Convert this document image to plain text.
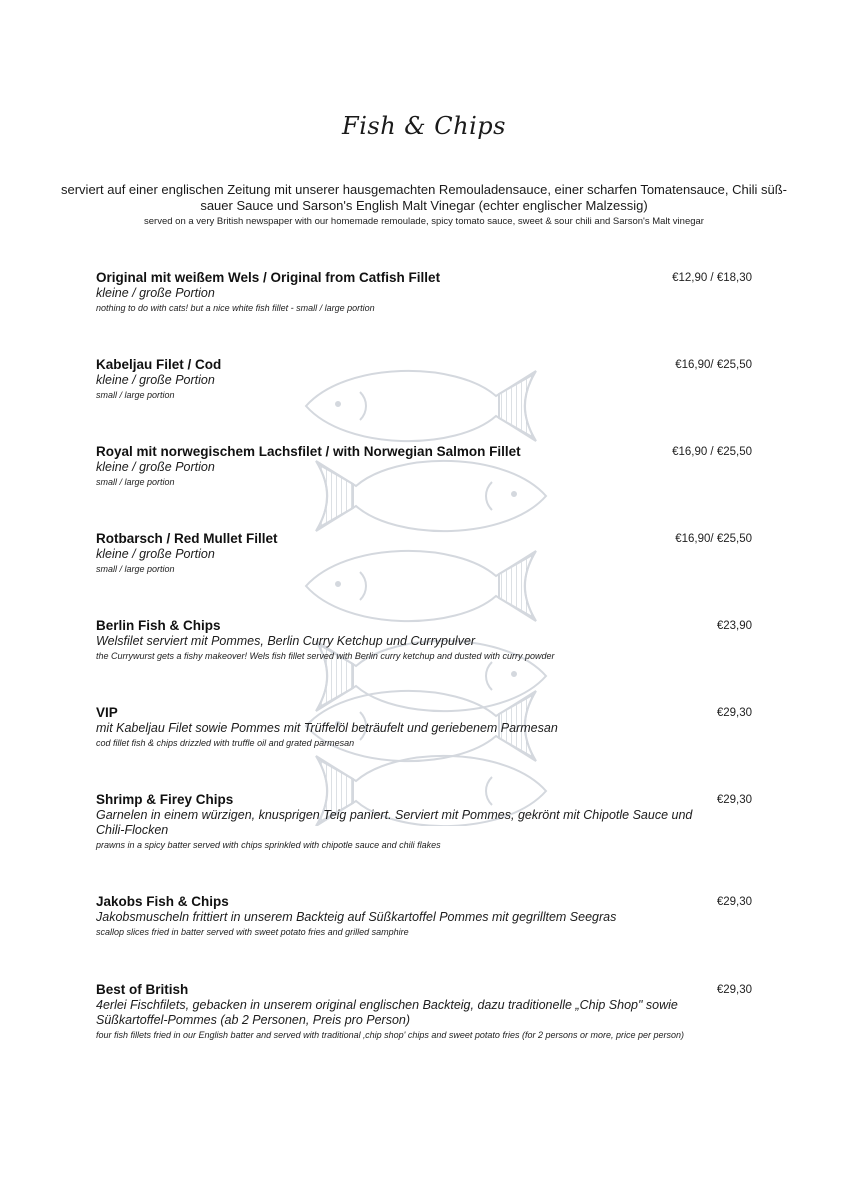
Fish & Chips
serviert auf einer englischen Zeitung mit unserer hausgemachten Remouladensauce, einer scharfen Tomatensauce, Chili süß-sauer Sauce und Sarson's English Malt Vinegar (echter englischer Malzessig)
served on a very British newspaper with our homemade remoulade, spicy tomato sauce, sweet & sour chili and Sarson's Malt vinegar
Original mit weißem Wels / Original from Catfish Fillet
kleine / große Portion
nothing to do with cats! but a nice white fish fillet - small / large portion
€12,90 / €18,30
Kabeljau Filet / Cod
kleine / große Portion
small / large portion
€16,90/ €25,50
Royal mit norwegischem Lachsfilet / with Norwegian Salmon Fillet
kleine / große Portion
small / large portion
€16,90 / €25,50
Rotbarsch / Red Mullet Fillet
kleine / große Portion
small / large portion
€16,90/ €25,50
Berlin Fish & Chips
Welsfilet serviert mit Pommes, Berlin Curry Ketchup und Currypulver
the Currywurst gets a fishy makeover! Wels fish fillet served with Berlin curry ketchup and dusted with curry powder
€23,90
VIP
mit Kabeljau Filet sowie Pommes mit Trüffelöl beträufelt und geriebenem Parmesan
cod fillet fish & chips drizzled with truffle oil and grated parmesan
€29,30
Shrimp & Firey Chips
Garnelen in einem würzigen, knusprigen Teig paniert. Serviert mit Pommes, gekrönt mit Chipotle Sauce und Chili-Flocken
prawns in a spicy batter served with chips sprinkled with chipotle sauce and chili flakes
€29,30
Jakobs Fish & Chips
Jakobsmuscheln frittiert in unserem Backteig auf Süßkartoffel Pommes mit gegrilltem Seegras
scallop slices fried in batter served with sweet potato fries and grilled samphire
€29,30
Best of British
4erlei Fischfilets, gebacken in unserem original englischen Backteig, dazu traditionelle „Chip Shop" sowie Süßkartoffel-Pommes (ab 2 Personen, Preis pro Person)
four fish fillets fried in our English batter and served with traditional ‚chip shop' chips and sweet potato fries (for 2 persons or more, price per person)
€29,30
